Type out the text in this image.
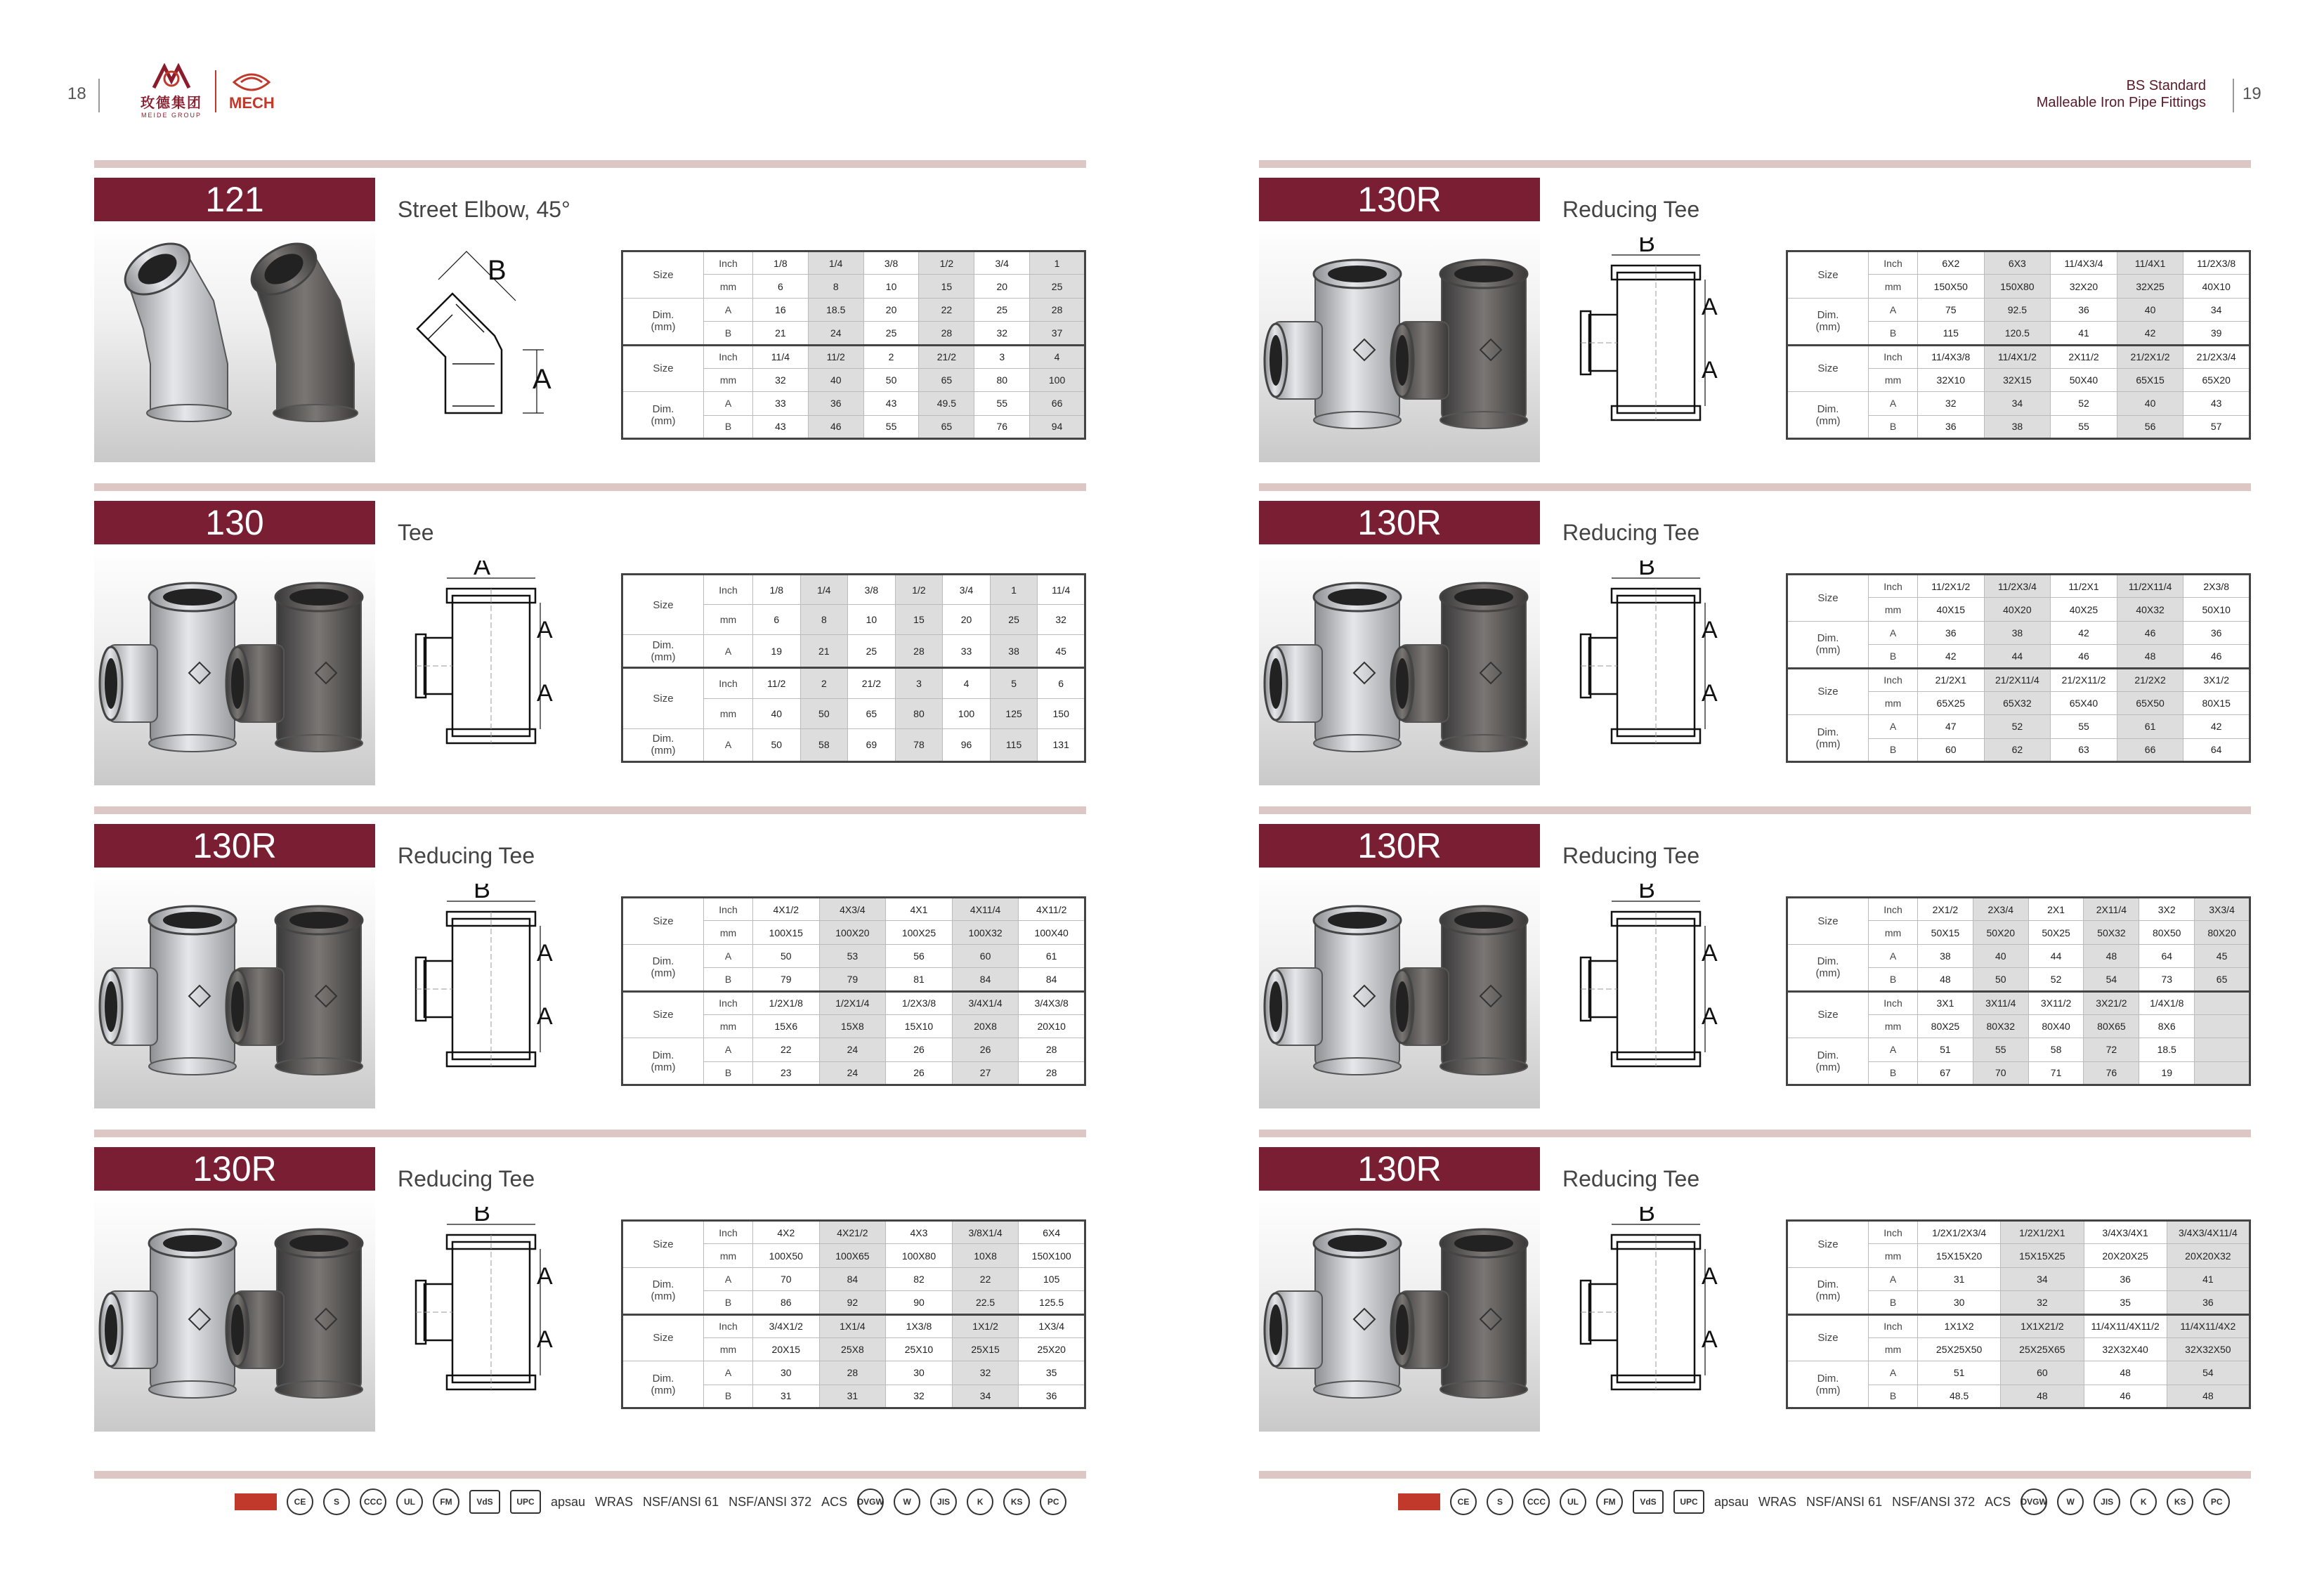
18	玫德集团
MEIDE GROUP
MECH
BS Standard
Malleable Iron Pipe Fittings 19
121	Street Elbow, 45°
B
A
Size	Inch	1/8	1/4	3/8	1/2	3/4	1
	mm	6	8	10	15	20	25

Dim.
(mm)	A	16	18.5	20	22	25	28
	B	21	24	25	28	32	37
Size	Inch	11/4	11/2	2	21/2	3	4
	mm	32	40	50	65	80	100

Dim.
(mm)	A	33	36	43	49.5	55	66
	B	43	46	55	65	76	94
130	Tee
A
A
A
Size	Inch	1/8	1/4	3/8	1/2	3/4	1	11/4
	mm	6	8	10	15	20	25	32

Dim.
(mm)	A	19	21	25	28	33	38	45
Size	Inch	11/2	2	21/2	3	4	5	6
	mm	40	50	65	80	100	125	150

Dim.
(mm)	A	50	58	69	78	96	115	131
130R	Reducing Tee
B
A
A
Size	Inch	4X1/2	4X3/4	4X1	4X11/4	4X11/2
	mm	100X15	100X20	100X25	100X32	100X40

Dim.
(mm)	A	50	53	56	60	61
	B	79	79	81	84	84
Size	Inch	1/2X1/8	1/2X1/4	1/2X3/8	3/4X1/4	3/4X3/8
	mm	15X6	15X8	15X10	20X8	20X10

Dim.
(mm)	A	22	24	26	26	28
	B	23	24	26	27	28
130R	Reducing Tee
B
A
A
Size	Inch	4X2	4X21/2	4X3	3/8X1/4	6X4
	mm	100X50	100X65	100X80	10X8	150X100

Dim.
(mm)	A	70	84	82	22	105
	B	86	92	90	22.5	125.5
Size	Inch	3/4X1/2	1X1/4	1X3/8	1X1/2	1X3/4
	mm	20X15	25X8	25X10	25X15	25X20

Dim.
(mm)	A	30	28	30	32	35
	B	31	31	32	34	36
130R	Reducing Tee
B
A
A
Size	Inch	6X2	6X3	11/4X3/4	11/4X1	11/2X3/8
	mm	150X50	150X80	32X20	32X25	40X10

Dim.
(mm)	A	75	92.5	36	40	34
	B	115	120.5	41	42	39
Size	Inch	11/4X3/8	11/4X1/2	2X11/2	21/2X1/2	21/2X3/4
	mm	32X10	32X15	50X40	65X15	65X20

Dim.
(mm)	A	32	34	52	40	43
	B	36	38	55	56	57
130R	Reducing Tee
B
A
A
Size	Inch	11/2X1/2	11/2X3/4	11/2X1	11/2X11/4	2X3/8
	mm	40X15	40X20	40X25	40X32	50X10

Dim.
(mm)	A	36	38	42	46	36
	B	42	44	46	48	46
Size	Inch	21/2X1	21/2X11/4	21/2X11/2	21/2X2	3X1/2
	mm	65X25	65X32	65X40	65X50	80X15

Dim.
(mm)	A	47	52	55	61	42
	B	60	62	63	66	64
130R	Reducing Tee
B
A
A
Size	Inch	2X1/2	2X3/4	2X1	2X11/4	3X2	3X3/4
	mm	50X15	50X20	50X25	50X32	80X50	80X20

Dim.
(mm)	A	38	40	44	48	64	45
	B	48	50	52	54	73	65
Size	Inch	3X1	3X11/4	3X11/2	3X21/2	1/4X1/8	
	mm	80X25	80X32	80X40	80X65	8X6	

Dim.
(mm)	A	51	55	58	72	18.5	
	B	67	70	71	76	19	
130R	Reducing Tee
B
A
A
Size	Inch	1/2X1/2X3/4	1/2X1/2X1	3/4X3/4X1	3/4X3/4X11/4
	mm	15X15X20	15X15X25	20X20X25	20X20X32

Dim.
(mm)	A	31	34	36	41
	B	30	32	35	36
Size	Inch	1X1X2	1X1X21/2	11/4X11/4X11/2	11/4X11/4X2
	mm	25X25X50	25X25X65	32X32X40	32X32X50

Dim.
(mm)	A	51	60	48	54
	B	48.5	48	46	48
CE	S	CCC	UL	FM	VdS	UPC	apsau WRAS NSF/ANSI 61 NSF/ANSI 372 ACS DVGW	W	JIS	K	KS	PC	CE	S	CCC	UL	FM	VdS	UPC	apsau WRAS NSF/ANSI 61 NSF/ANSI 372 ACS DVGW	W	JIS	K	KS	PC
